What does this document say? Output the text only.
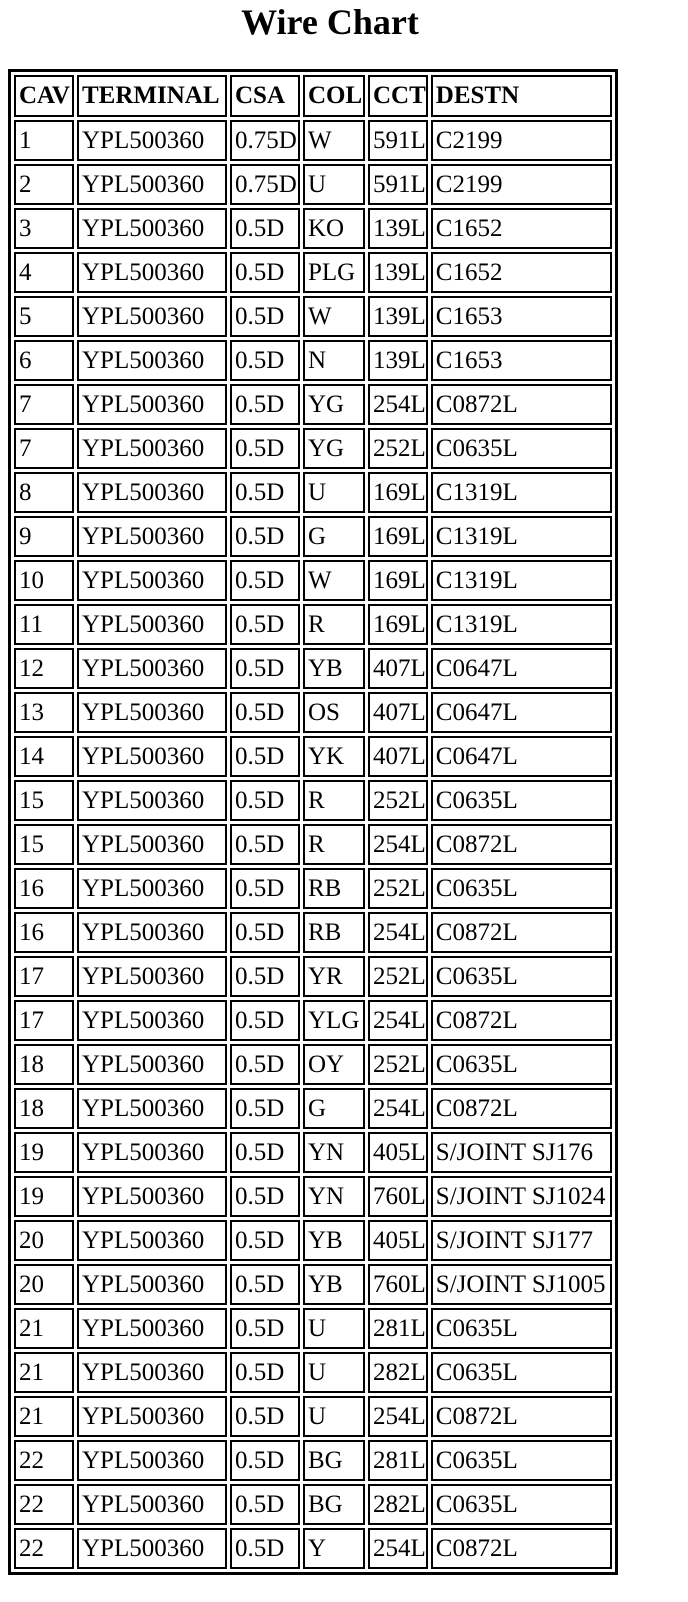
Wire Chart
CAV	TERMINAL	CSA	COL	CCT	DESTN
1	YPL500360	0.75D	W	591L	C2199
2	YPL500360	0.75D	U	591L	C2199
3	YPL500360	0.5D	KO	139L	C1652
4	YPL500360	0.5D	PLG	139L	C1652
5	YPL500360	0.5D	W	139L	C1653
6	YPL500360	0.5D	N	139L	C1653
7	YPL500360	0.5D	YG	254L	C0872L
7	YPL500360	0.5D	YG	252L	C0635L
8	YPL500360	0.5D	U	169L	C1319L
9	YPL500360	0.5D	G	169L	C1319L
10	YPL500360	0.5D	W	169L	C1319L
11	YPL500360	0.5D	R	169L	C1319L
12	YPL500360	0.5D	YB	407L	C0647L
13	YPL500360	0.5D	OS	407L	C0647L
14	YPL500360	0.5D	YK	407L	C0647L
15	YPL500360	0.5D	R	252L	C0635L
15	YPL500360	0.5D	R	254L	C0872L
16	YPL500360	0.5D	RB	252L	C0635L
16	YPL500360	0.5D	RB	254L	C0872L
17	YPL500360	0.5D	YR	252L	C0635L
17	YPL500360	0.5D	YLG	254L	C0872L
18	YPL500360	0.5D	OY	252L	C0635L
18	YPL500360	0.5D	G	254L	C0872L
19	YPL500360	0.5D	YN	405L	S/JOINT SJ176
19	YPL500360	0.5D	YN	760L	S/JOINT SJ1024
20	YPL500360	0.5D	YB	405L	S/JOINT SJ177
20	YPL500360	0.5D	YB	760L	S/JOINT SJ1005
21	YPL500360	0.5D	U	281L	C0635L
21	YPL500360	0.5D	U	282L	C0635L
21	YPL500360	0.5D	U	254L	C0872L
22	YPL500360	0.5D	BG	281L	C0635L
22	YPL500360	0.5D	BG	282L	C0635L
22	YPL500360	0.5D	Y	254L	C0872L
